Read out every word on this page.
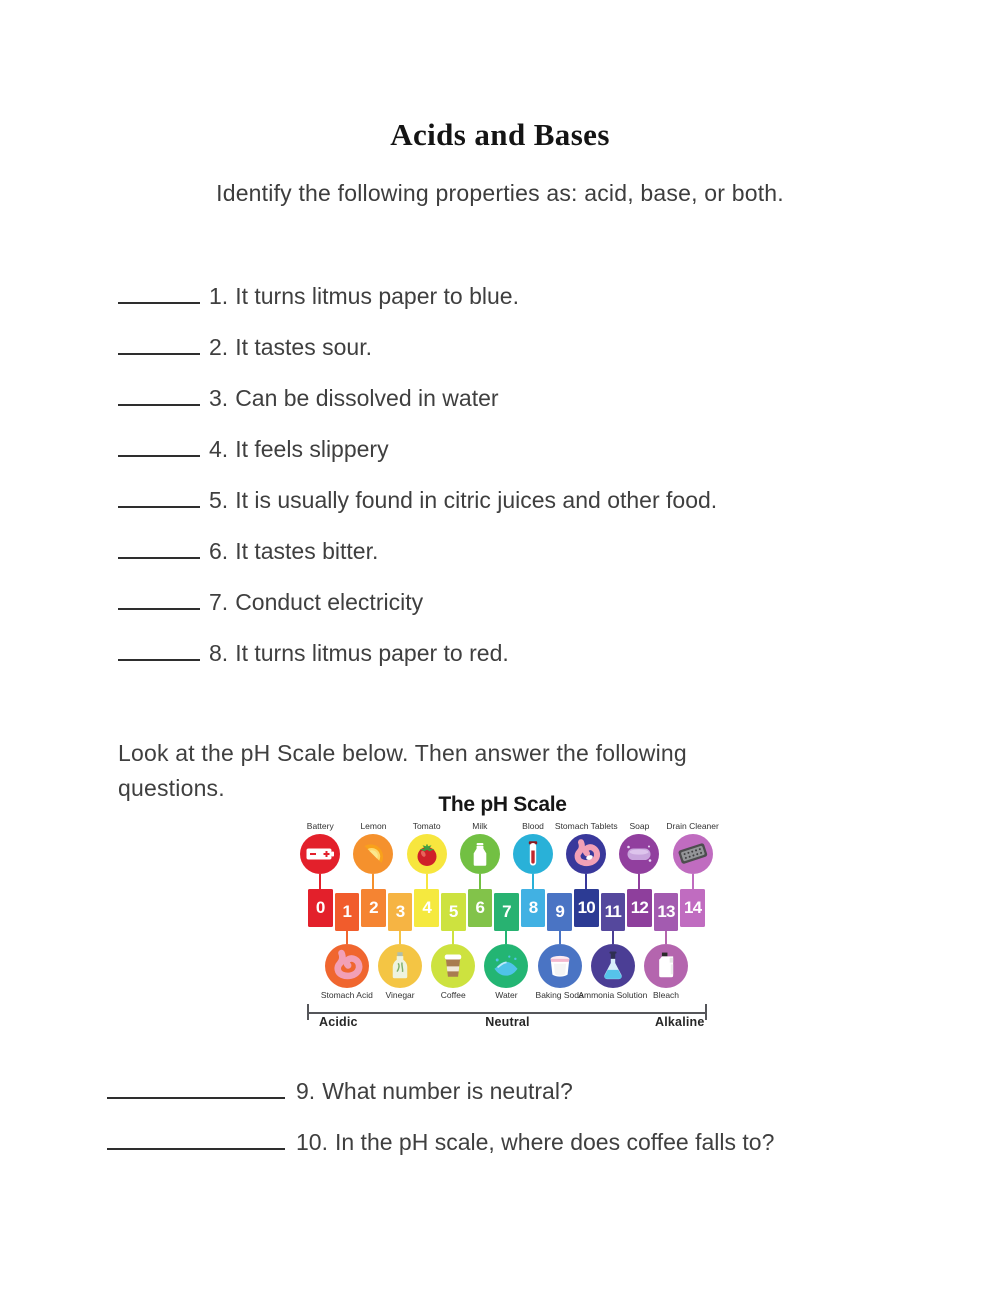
Acids and Bases

Identify the following properties as: acid, base, or both.

1. It turns litmus paper to blue.
2. It tastes sour.
3. Can be dissolved in water
4. It feels slippery
5. It is usually found in citric juices and other food.
6. It tastes bitter.
7. Conduct electricity
8. It turns litmus paper to red.

Look at the pH Scale below. Then answer the following questions.

The pH Scale
0	1	2	3	4	5	6	7	8	9 10 11 12 13 14
Battery	Lemon	Tomato	Milk	Blood	Stomach Tablets	Soap	Drain Cleaner
Stomach Acid	Vinegar	Coffee	Water	Baking Soda
Ammonia Solution Bleach
Acidic	Neutral	Alkaline
9. What number is neutral?
10. In the pH scale, where does coffee falls to?
